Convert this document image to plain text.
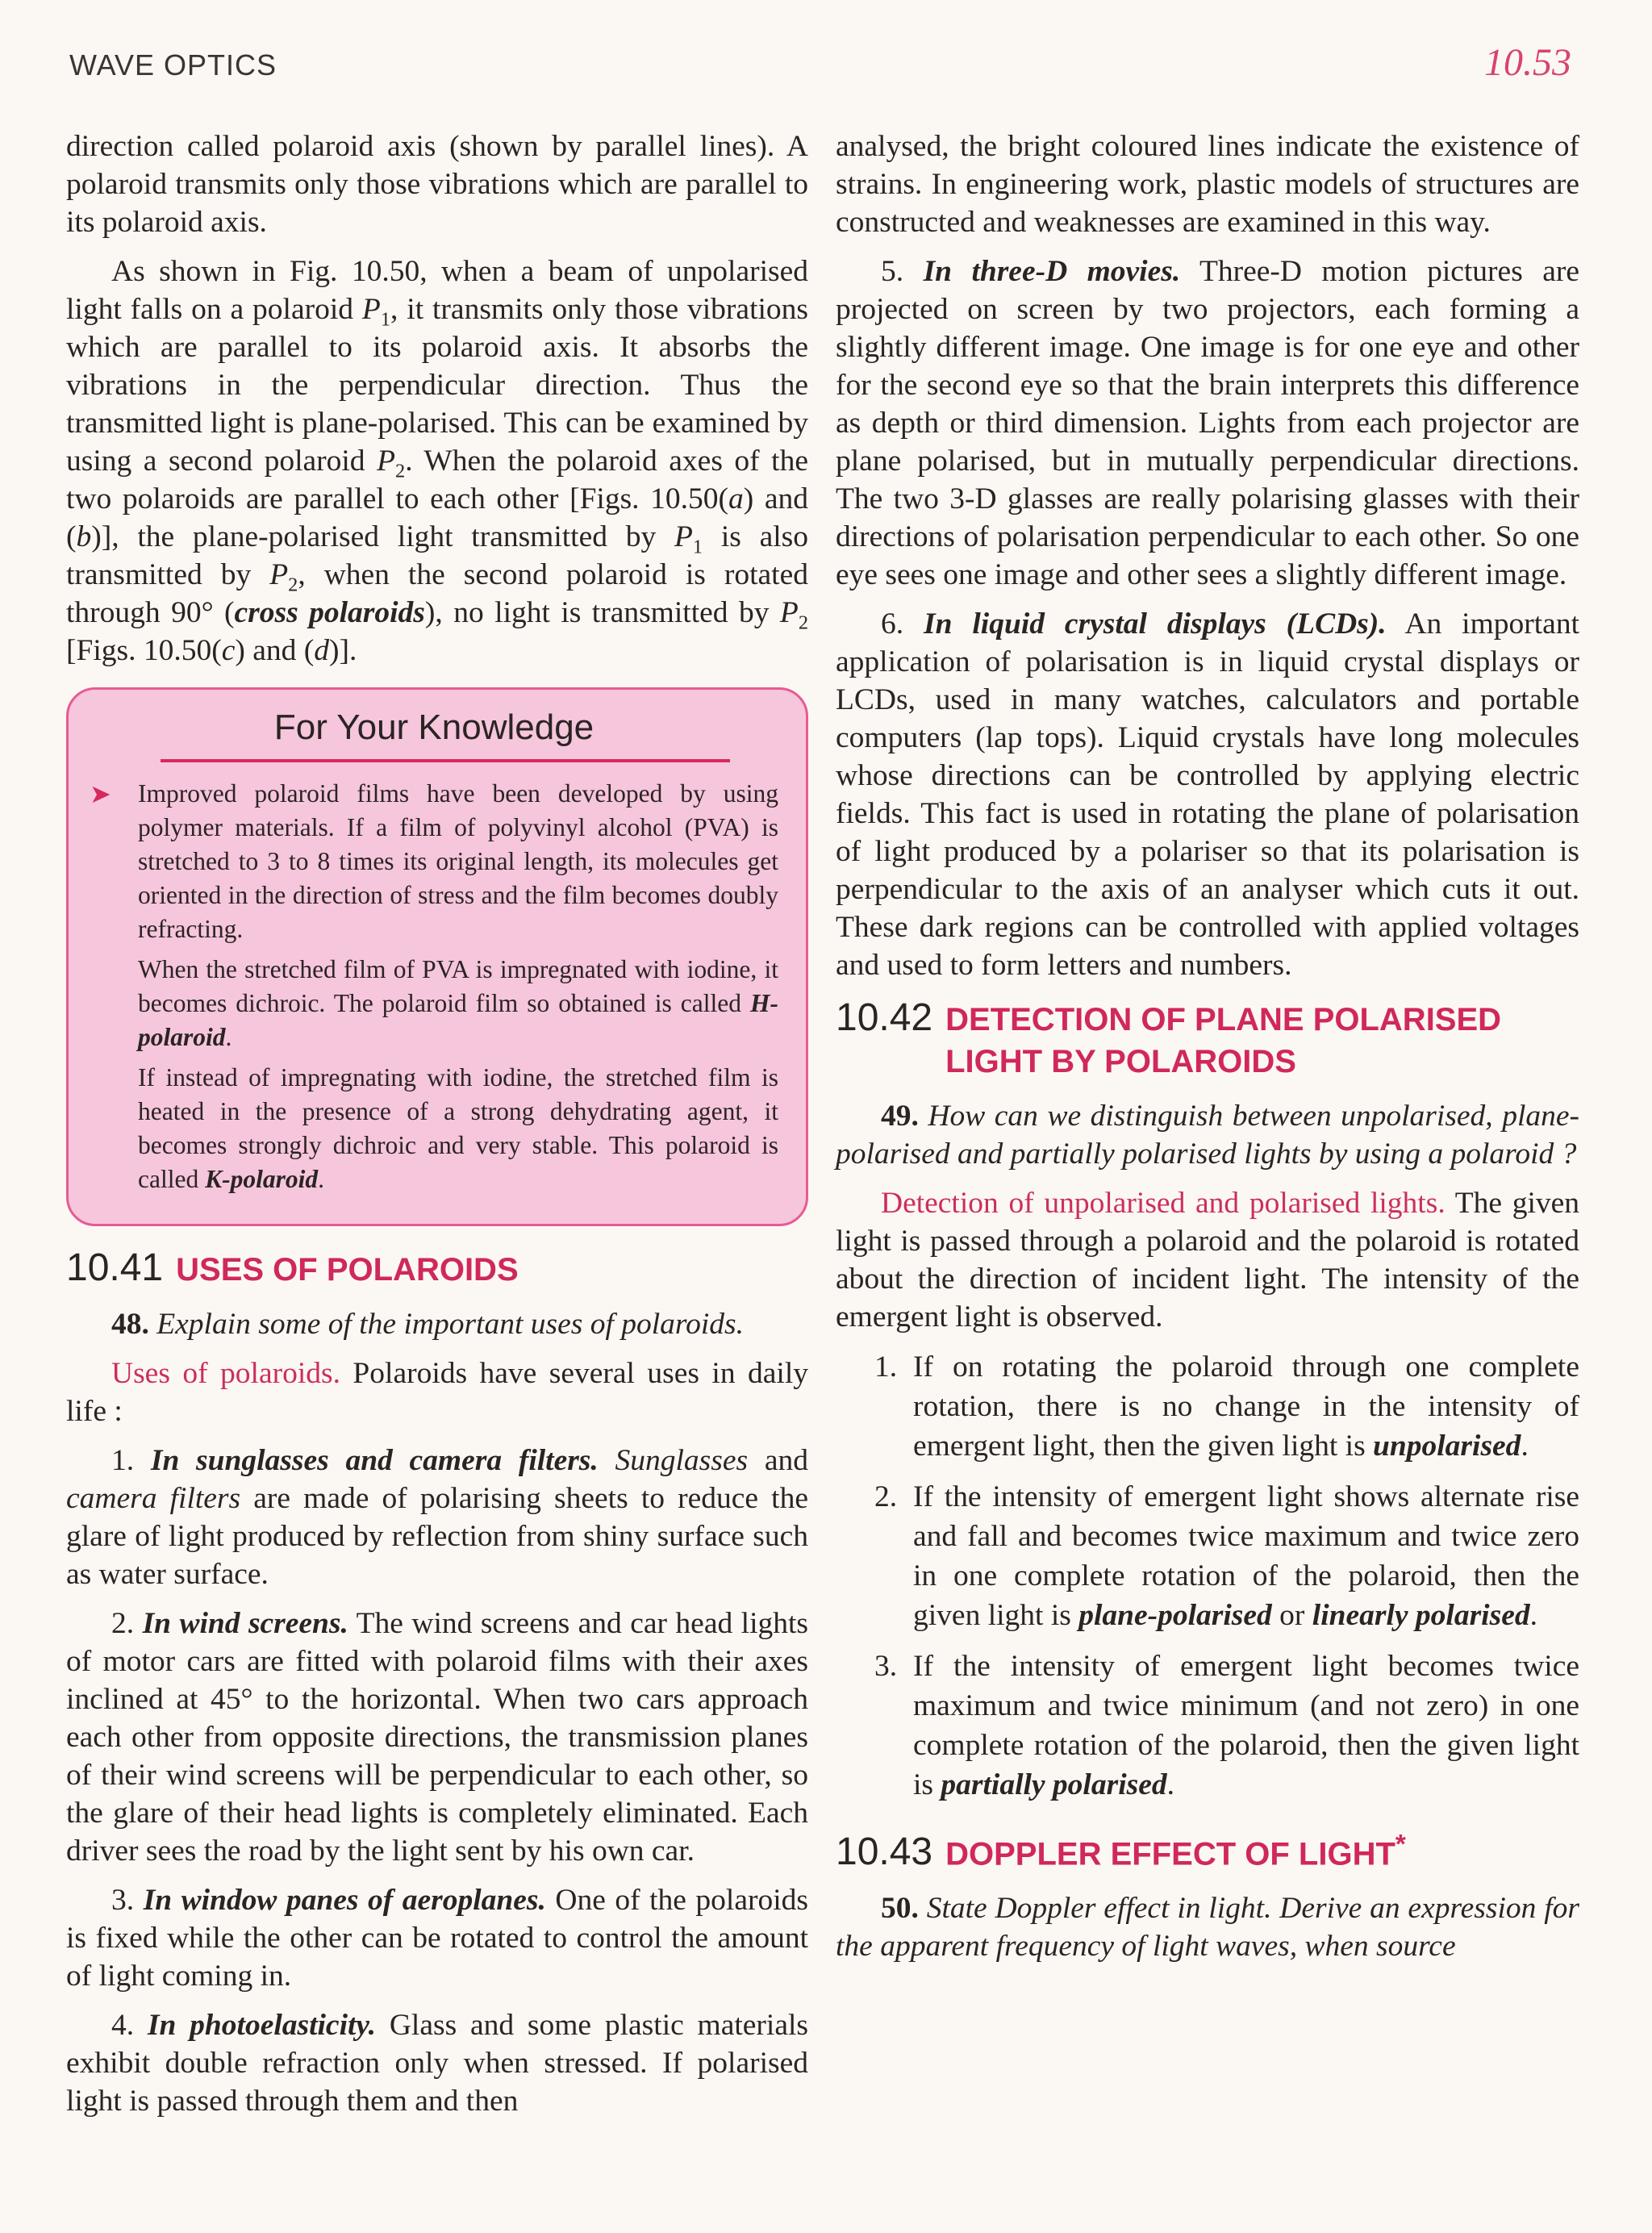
WAVE OPTICS	10.53

direction called polaroid axis (shown by parallel lines). A polaroid transmits only those vibrations which are parallel to its polaroid axis.

As shown in Fig. 10.50, when a beam of unpolarised light falls on a polaroid $P_1$, it transmits only those vibrations which are parallel to its polaroid axis. It absorbs the vibrations in the perpendicular direction. Thus the transmitted light is plane-polarised. This can be examined by using a second polaroid $P_2$. When the polaroid axes of the two polaroids are parallel to each other [Figs. 10.50(a) and (b)], the plane-polarised light transmitted by $P_1$ is also transmitted by $P_2$, when the second polaroid is rotated through 90° (cross polaroids), no light is transmitted by $P_2$ [Figs. 10.50(c) and (d)].

For Your Knowledge
➤	Improved polaroid films have been developed by using polymer materials. If a film of polyvinyl alcohol (PVA) is stretched to 3 to 8 times its original length, its molecules get oriented in the direction of stress and the film becomes doubly refracting.

When the stretched film of PVA is impregnated with iodine, it becomes dichroic. The polaroid film so obtained is called H-polaroid.

If instead of impregnating with iodine, the stretched film is heated in the presence of a strong dehydrating agent, it becomes strongly dichroic and very stable. This polaroid is called K-polaroid.

10.41 USES OF POLAROIDS

48. Explain some of the important uses of polaroids.

Uses of polaroids. Polaroids have several uses in daily life :

1. In sunglasses and camera filters. Sunglasses and camera filters are made of polarising sheets to reduce the glare of light produced by reflection from shiny surface such as water surface.

2. In wind screens. The wind screens and car head lights of motor cars are fitted with polaroid films with their axes inclined at 45° to the horizontal. When two cars approach each other from opposite directions, the transmission planes of their wind screens will be perpendicular to each other, so the glare of their head lights is completely eliminated. Each driver sees the road by the light sent by his own car.

3. In window panes of aeroplanes. One of the polaroids is fixed while the other can be rotated to control the amount of light coming in.

4. In photoelasticity. Glass and some plastic materials exhibit double refraction only when stressed. If polarised light is passed through them and then

analysed, the bright coloured lines indicate the existence of strains. In engineering work, plastic models of structures are constructed and weaknesses are examined in this way.

5. In three-D movies. Three-D motion pictures are projected on screen by two projectors, each forming a slightly different image. One image is for one eye and other for the second eye so that the brain interprets this difference as depth or third dimension. Lights from each projector are plane polarised, but in mutually perpendicular directions. The two 3-D glasses are really polarising glasses with their directions of polarisation perpendicular to each other. So one eye sees one image and other sees a slightly different image.

6. In liquid crystal displays (LCDs). An important application of polarisation is in liquid crystal displays or LCDs, used in many watches, calculators and portable computers (lap tops). Liquid crystals have long molecules whose directions can be controlled by applying electric fields. This fact is used in rotating the plane of polarisation of light produced by a polariser so that its polarisation is perpendicular to the axis of an analyser which cuts it out. These dark regions can be controlled with applied voltages and used to form letters and numbers.

10.42 DETECTION OF PLANE POLARISED LIGHT BY POLAROIDS

49. How can we distinguish between unpolarised, plane-polarised and partially polarised lights by using a polaroid ?

Detection of unpolarised and polarised lights. The given light is passed through a polaroid and the polaroid is rotated about the direction of incident light. The intensity of the emergent light is observed.

1. If on rotating the polaroid through one complete rotation, there is no change in the intensity of emergent light, then the given light is unpolarised.

2. If the intensity of emergent light shows alternate rise and fall and becomes twice maximum and twice zero in one complete rotation of the polaroid, then the given light is plane-polarised or linearly polarised.

3. If the intensity of emergent light becomes twice maximum and twice minimum (and not zero) in one complete rotation of the polaroid, then the given light is partially polarised.

10.43 DOPPLER EFFECT OF LIGHT*

50. State Doppler effect in light. Derive an expression for the apparent frequency of light waves, when source
